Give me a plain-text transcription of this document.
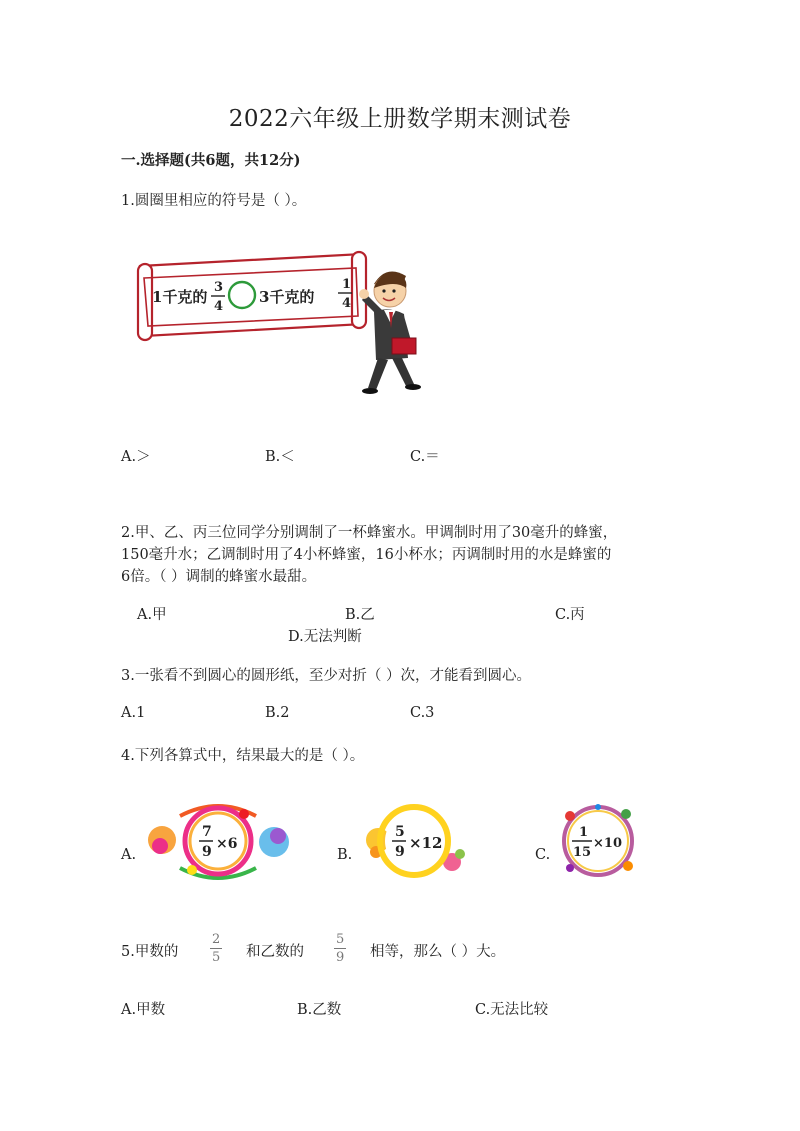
2022六年级上册数学期末测试卷
一.选择题(共6题，共12分)
1.圆圈里相应的符号是（ ）。
1千克的
3
4
3千克的
1
4
A.＞	B.＜	C.＝
2.甲、乙、丙三位同学分别调制了一杯蜂蜜水。甲调制时用了30毫升的蜂蜜，
150毫升水；乙调制时用了4小杯蜂蜜，16小杯水；丙调制时用的水是蜂蜜的
6倍。（ ）调制的蜂蜜水最甜。
A.甲	B.乙	C.丙
D.无法判断
3.一张看不到圆心的圆形纸，至少对折（ ）次，才能看到圆心。
A.1	B.2	C.3
4.下列各算式中，结果最大的是（ ）。
A.
7
9 ×6
B.
5
9 ×12
C.
1
15
×10
5.甲数的 $\frac{2}{5}$ 和乙数的 $\frac{5}{9}$ 相等，那么（ ）大。
A.甲数	B.乙数	C.无法比较
